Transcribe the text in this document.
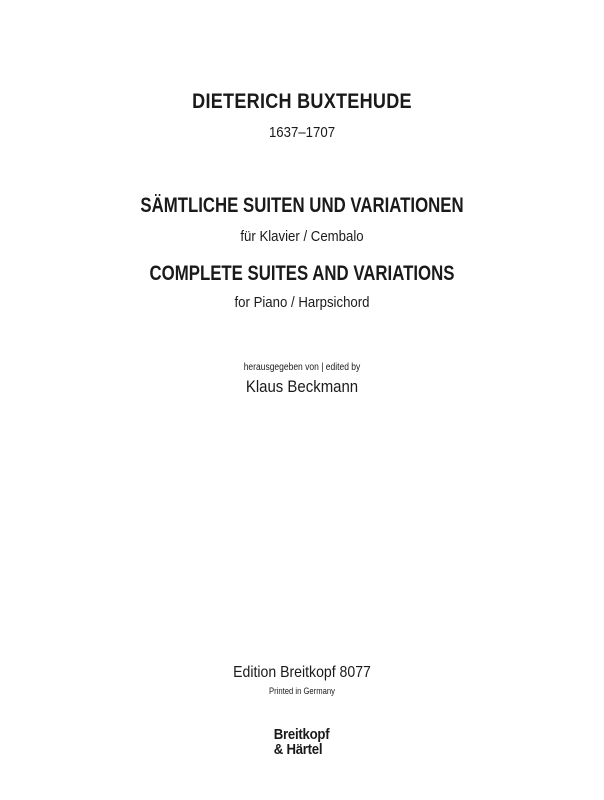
DIETERICH BUXTEHUDE
1637–1707
SÄMTLICHE SUITEN UND VARIATIONEN
für Klavier / Cembalo
COMPLETE SUITES AND VARIATIONS
for Piano / Harpsichord
herausgegeben von | edited by
Klaus Beckmann
Edition Breitkopf 8077
Printed in Germany
Breitkopf
& Härtel
